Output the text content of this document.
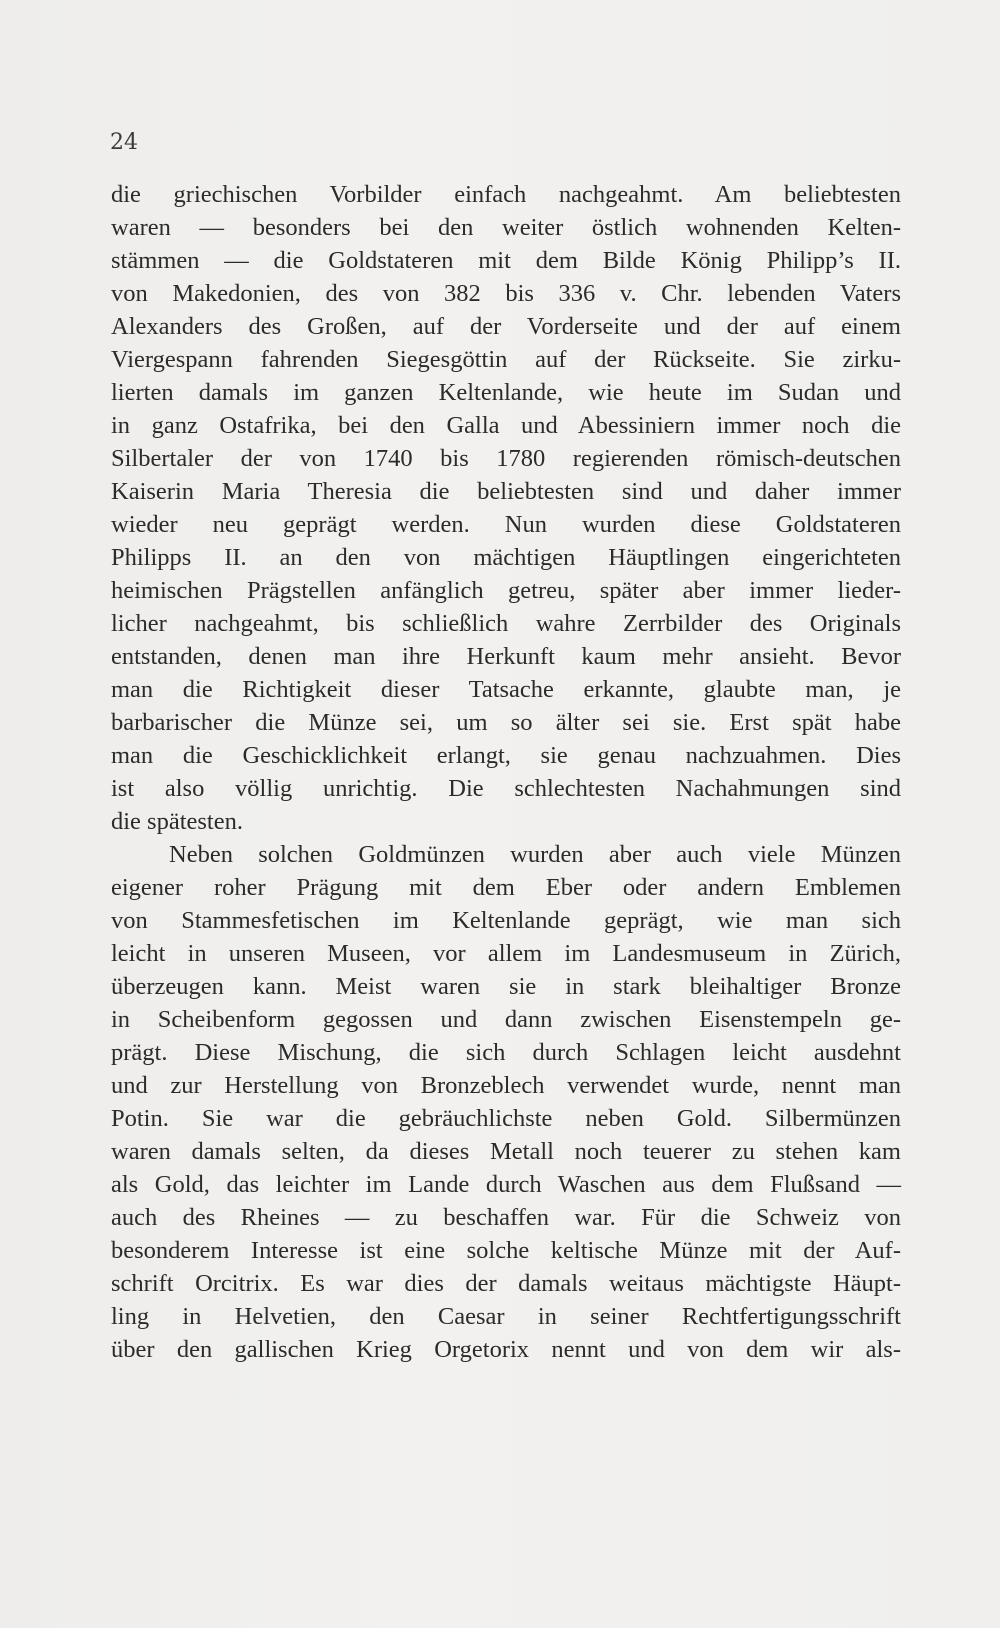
24
die griechischen Vorbilder einfach nachgeahmt. Am beliebtesten
waren — besonders bei den weiter östlich wohnenden Kelten-
stämmen — die Goldstateren mit dem Bilde König Philipp’s II.
von Makedonien, des von 382 bis 336 v. Chr. lebenden Vaters
Alexanders des Großen, auf der Vorderseite und der auf einem
Viergespann fahrenden Siegesgöttin auf der Rückseite. Sie zirku-
lierten damals im ganzen Keltenlande, wie heute im Sudan und
in ganz Ostafrika, bei den Galla und Abessiniern immer noch die
Silbertaler der von 1740 bis 1780 regierenden römisch-deutschen
Kaiserin Maria Theresia die beliebtesten sind und daher immer
wieder neu geprägt werden. Nun wurden diese Goldstateren
Philipps II. an den von mächtigen Häuptlingen eingerichteten
heimischen Prägstellen anfänglich getreu, später aber immer lieder-
licher nachgeahmt, bis schließlich wahre Zerrbilder des Originals
entstanden, denen man ihre Herkunft kaum mehr ansieht. Bevor
man die Richtigkeit dieser Tatsache erkannte, glaubte man, je
barbarischer die Münze sei, um so älter sei sie. Erst spät habe
man die Geschicklichkeit erlangt, sie genau nachzuahmen. Dies
ist also völlig unrichtig. Die schlechtesten Nachahmungen sind
die spätesten.
Neben solchen Goldmünzen wurden aber auch viele Münzen
eigener roher Prägung mit dem Eber oder andern Emblemen
von Stammesfetischen im Keltenlande geprägt, wie man sich
leicht in unseren Museen, vor allem im Landesmuseum in Zürich,
überzeugen kann. Meist waren sie in stark bleihaltiger Bronze
in Scheibenform gegossen und dann zwischen Eisenstempeln ge-
prägt. Diese Mischung, die sich durch Schlagen leicht ausdehnt
und zur Herstellung von Bronzeblech verwendet wurde, nennt man
Potin. Sie war die gebräuchlichste neben Gold. Silbermünzen
waren damals selten, da dieses Metall noch teuerer zu stehen kam
als Gold, das leichter im Lande durch Waschen aus dem Flußsand —
auch des Rheines — zu beschaffen war. Für die Schweiz von
besonderem Interesse ist eine solche keltische Münze mit der Auf-
schrift Orcitrix. Es war dies der damals weitaus mächtigste Häupt-
ling in Helvetien, den Caesar in seiner Rechtfertigungsschrift
über den gallischen Krieg Orgetorix nennt und von dem wir als-
